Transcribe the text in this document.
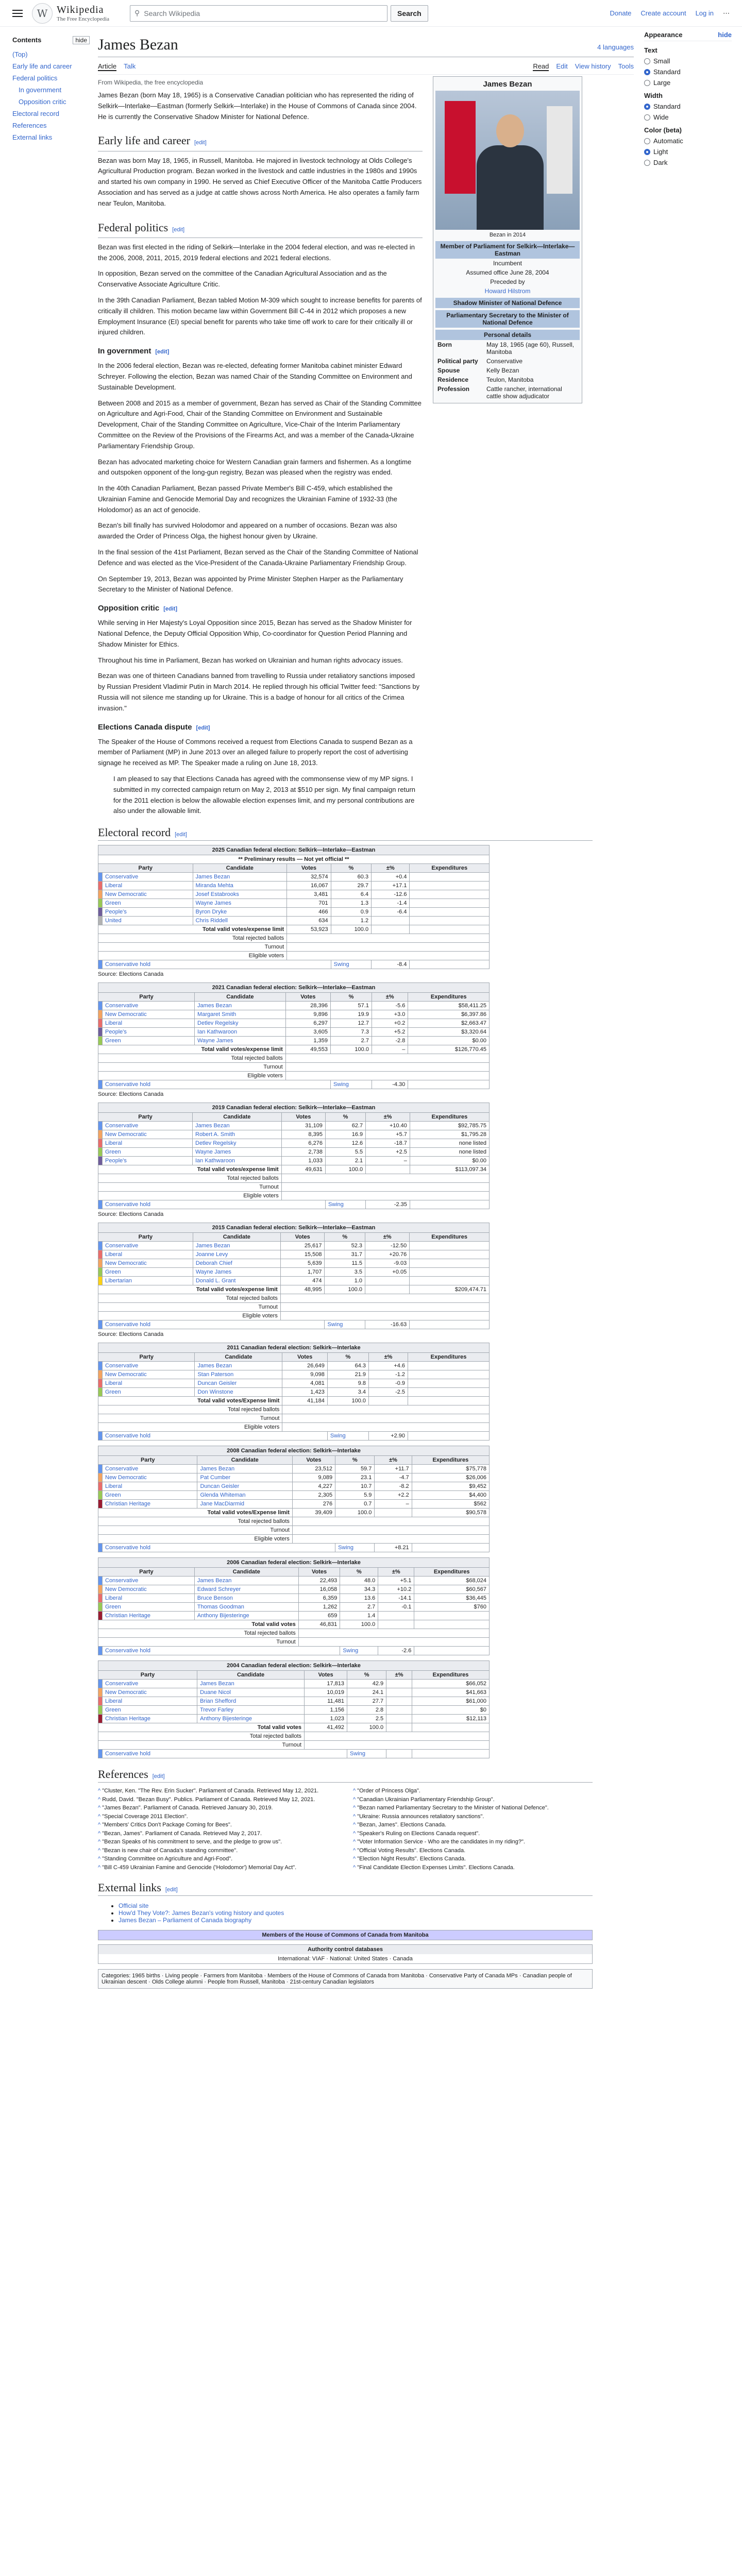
W Wikipedia
The Free Encyclopedia
⚲ Search Wikipedia	Search	Donate Create account Log in ⋯
Contents	hide
(Top)
Early life and career
Federal politics
In government
Opposition critic
Electoral record
References
External links
Appearance	hide
Text
Small
Standard
Large
Width
Standard
Wide
Color (beta)
Automatic
Light
Dark
James Bezan	4 languages
Article Talk	Read Edit View history Tools
From Wikipedia, the free encyclopedia	James Bezan
Bezan in 2014
Member of Parliament for Selkirk—Interlake—Eastman
Incumbent
Assumed office June 28, 2004
Preceded by
Howard Hilstrom
Shadow Minister of National Defence
Parliamentary Secretary to the Minister of National Defence
Personal details
Born	May 18, 1965 (age 60), Russell, Manitoba
Political party	Conservative
Spouse	Kelly Bezan
Residence	Teulon, Manitoba
Profession	Cattle rancher, international cattle show adjudicator

James Bezan (born May 18, 1965) is a Conservative Canadian politician who has represented the riding of Selkirk—Interlake—Eastman (formerly Selkirk—Interlake) in the House of Commons of Canada since 2004. He is currently the Conservative Shadow Minister for National Defence.

Early life and career [edit]

Bezan was born May 18, 1965, in Russell, Manitoba. He majored in livestock technology at Olds College's Agricultural Production program. Bezan worked in the livestock and cattle industries in the 1980s and 1990s and started his own company in 1990. He served as Chief Executive Officer of the Manitoba Cattle Producers Association and has served as a judge at cattle shows across North America. He also operates a family farm near Teulon, Manitoba.

Federal politics [edit]

Bezan was first elected in the riding of Selkirk—Interlake in the 2004 federal election, and was re-elected in the 2006, 2008, 2011, 2015, 2019 federal elections and 2021 federal elections.

In opposition, Bezan served on the committee of the Canadian Agricultural Association and as the Conservative Associate Agriculture Critic.

In the 39th Canadian Parliament, Bezan tabled Motion M-309 which sought to increase benefits for parents of critically ill children. This motion became law within Government Bill C-44 in 2012 which proposes a new Employment Insurance (EI) special benefit for parents who take time off work to care for their critically ill or injured children.

In government [edit]

In the 2006 federal election, Bezan was re-elected, defeating former Manitoba cabinet minister Edward Schreyer. Following the election, Bezan was named Chair of the Standing Committee on Environment and Sustainable Development.

Between 2008 and 2015 as a member of government, Bezan has served as Chair of the Standing Committee on Agriculture and Agri-Food, Chair of the Standing Committee on Environment and Sustainable Development, Chair of the Standing Committee on Agriculture, Vice-Chair of the Interim Parliamentary Committee on the Review of the Provisions of the Firearms Act, and was a member of the Canada-Ukraine Parliamentary Friendship Group.

Bezan has advocated marketing choice for Western Canadian grain farmers and fishermen. As a longtime and outspoken opponent of the long-gun registry, Bezan was pleased when the registry was ended.

In the 40th Canadian Parliament, Bezan passed Private Member's Bill C-459, which established the Ukrainian Famine and Genocide Memorial Day and recognizes the Ukrainian Famine of 1932-33 (the Holodomor) as an act of genocide.

Bezan's bill finally has survived Holodomor and appeared on a number of occasions. Bezan was also awarded the Order of Princess Olga, the highest honour given by Ukraine.

In the final session of the 41st Parliament, Bezan served as the Chair of the Standing Committee of National Defence and was elected as the Vice-President of the Canada-Ukraine Parliamentary Friendship Group.

On September 19, 2013, Bezan was appointed by Prime Minister Stephen Harper as the Parliamentary Secretary to the Minister of National Defence.

Opposition critic [edit]

While serving in Her Majesty's Loyal Opposition since 2015, Bezan has served as the Shadow Minister for National Defence, the Deputy Official Opposition Whip, Co-coordinator for Question Period Planning and Shadow Minister for Ethics.

Throughout his time in Parliament, Bezan has worked on Ukrainian and human rights advocacy issues.

Bezan was one of thirteen Canadians banned from travelling to Russia under retaliatory sanctions imposed by Russian President Vladimir Putin in March 2014. He replied through his official Twitter feed: "Sanctions by Russia will not silence me standing up for Ukraine. This is a badge of honour for all critics of the Crimea invasion."

Elections Canada dispute [edit]

The Speaker of the House of Commons received a request from Elections Canada to suspend Bezan as a member of Parliament (MP) in June 2013 over an alleged failure to properly report the cost of advertising signage he received as MP. The Speaker made a ruling on June 18, 2013.

I am pleased to say that Elections Canada has agreed with the commonsense view of my MP signs. I submitted in my corrected campaign return on May 2, 2013 at $510 per sign. My final campaign return for the 2011 election is below the allowable election expenses limit, and my personal contributions are also under the allowable limit.

Electoral record [edit]
2025 Canadian federal election: Selkirk—Interlake—Eastman
** Preliminary results — Not yet official **						
Party		Candidate	Votes	%	±%	Expenditures
	Conservative	James Bezan	32,574	60.3	+0.4	
	Liberal	Miranda Mehta	16,067	29.7	+17.1	
	New Democratic	Josef Estabrooks	3,481	6.4	-12.6	
	Green	Wayne James	701	1.3	-1.4	
	People's	Byron Dryke	466	0.9	-6.4	
	United	Chris Riddell	634	1.2		
Total valid votes/expense limit			53,923	100.0		
Total rejected ballots						
Turnout						
Eligible voters						
	Conservative hold			Swing	-8.4	
Source: Elections Canada
2021 Canadian federal election: Selkirk—Interlake—Eastman
Party		Candidate	Votes	%	±%	Expenditures
	Conservative	James Bezan	28,396	57.1	-5.6	$58,411.25
	New Democratic	Margaret Smith	9,896	19.9	+3.0	$6,397.86
	Liberal	Detlev Regelsky	6,297	12.7	+0.2	$2,663.47
	People's	Ian Kathwaroon	3,605	7.3	+5.2	$3,320.64
	Green	Wayne James	1,359	2.7	-2.8	$0.00
Total valid votes/expense limit			49,553	100.0	–	$126,770.45
Total rejected ballots						
Turnout						
Eligible voters						
	Conservative hold			Swing	-4.30	
Source: Elections Canada
2019 Canadian federal election: Selkirk—Interlake—Eastman
Party		Candidate	Votes	%	±%	Expenditures
	Conservative	James Bezan	31,109	62.7	+10.40	$92,785.75
	New Democratic	Robert A. Smith	8,395	16.9	+5.7	$1,795.28
	Liberal	Detlev Regelsky	6,276	12.6	-18.7	none listed
	Green	Wayne James	2,738	5.5	+2.5	none listed
	People's	Ian Kathwaroon	1,033	2.1	–	$0.00
Total valid votes/expense limit			49,631	100.0		$113,097.34
Total rejected ballots						
Turnout						
Eligible voters						
	Conservative hold			Swing	-2.35	
Source: Elections Canada
2015 Canadian federal election: Selkirk—Interlake—Eastman
Party		Candidate	Votes	%	±%	Expenditures
	Conservative	James Bezan	25,617	52.3	-12.50	
	Liberal	Joanne Levy	15,508	31.7	+20.76	
	New Democratic	Deborah Chief	5,639	11.5	-9.03	
	Green	Wayne James	1,707	3.5	+0.05	
	Libertarian	Donald L. Grant	474	1.0		
Total valid votes/expense limit			48,995	100.0		$209,474.71
Total rejected ballots						
Turnout						
Eligible voters						
	Conservative hold			Swing	-16.63	
Source: Elections Canada
2011 Canadian federal election: Selkirk—Interlake
Party		Candidate	Votes	%	±%	Expenditures
	Conservative	James Bezan	26,649	64.3	+4.6	
	New Democratic	Stan Paterson	9,098	21.9	-1.2	
	Liberal	Duncan Geisler	4,081	9.8	-0.9	
	Green	Don Winstone	1,423	3.4	-2.5	
Total valid votes/Expense limit			41,184	100.0		
Total rejected ballots						
Turnout						
Eligible voters						
	Conservative hold			Swing	+2.90	
2008 Canadian federal election: Selkirk—Interlake
Party		Candidate	Votes	%	±%	Expenditures
	Conservative	James Bezan	23,512	59.7	+11.7	$75,778
	New Democratic	Pat Cumber	9,089	23.1	-4.7	$26,006
	Liberal	Duncan Geisler	4,227	10.7	-8.2	$9,452
	Green	Glenda Whiteman	2,305	5.9	+2.2	$4,400
	Christian Heritage	Jane MacDiarmid	276	0.7	–	$562
Total valid votes/Expense limit			39,409	100.0		$90,578
Total rejected ballots						
Turnout						
Eligible voters						
	Conservative hold			Swing	+8.21	
2006 Canadian federal election: Selkirk—Interlake
Party		Candidate	Votes	%	±%	Expenditures
	Conservative	James Bezan	22,493	48.0	+5.1	$68,024
	New Democratic	Edward Schreyer	16,058	34.3	+10.2	$60,567
	Liberal	Bruce Benson	6,359	13.6	-14.1	$36,445
	Green	Thomas Goodman	1,262	2.7	-0.1	$760
	Christian Heritage	Anthony Bijesteringe	659	1.4		
Total valid votes			46,831	100.0		
Total rejected ballots						
Turnout						
	Conservative hold			Swing	-2.6	
2004 Canadian federal election: Selkirk—Interlake
Party		Candidate	Votes	%	±%	Expenditures
	Conservative	James Bezan	17,813	42.9		$66,052
	New Democratic	Duane Nicol	10,019	24.1		$41,663
	Liberal	Brian Shefford	11,481	27.7		$61,000
	Green	Trevor Farley	1,156	2.8		$0
	Christian Heritage	Anthony Bijesteringe	1,023	2.5		$12,113
Total valid votes			41,492	100.0		
Total rejected ballots						
Turnout						
	Conservative hold			Swing		
References [edit]
^ "Cluster, Ken. "The Rev. Erin Sucker". Parliament of Canada. Retrieved May 12, 2021.
^ Rudd, David. "Bezan Busy". Publics. Parliament of Canada. Retrieved May 12, 2021.
^ "James Bezan". Parliament of Canada. Retrieved January 30, 2019.
^ "Special Coverage 2011 Election".
^ "Members' Critics Don't Package Coming for Bees".
^ "Bezan, James". Parliament of Canada. Retrieved May 2, 2017.
^ "Bezan Speaks of his commitment to serve, and the pledge to grow us".
^ "Bezan is new chair of Canada's standing committee".
^ "Standing Committee on Agriculture and Agri-Food".
^ "Bill C-459 Ukrainian Famine and Genocide ('Holodomor') Memorial Day Act".
^ "Order of Princess Olga".
^ "Canadian Ukrainian Parliamentary Friendship Group".
^ "Bezan named Parliamentary Secretary to the Minister of National Defence".
^ "Ukraine: Russia announces retaliatory sanctions".
^ "Bezan, James". Elections Canada.
^ "Speaker's Ruling on Elections Canada request".
^ "Voter Information Service - Who are the candidates in my riding?".
^ "Official Voting Results". Elections Canada.
^ "Election Night Results". Elections Canada.
^ "Final Candidate Election Expenses Limits". Elections Canada.
External links [edit]
• Official site
• How'd They Vote?: James Bezan's voting history and quotes
• James Bezan – Parliament of Canada biography
Members of the House of Commons of Canada from Manitoba
Authority control databases
International: VIAF · National: United States · Canada
Categories: 1965 births · Living people · Farmers from Manitoba · Members of the House of Commons of Canada from Manitoba · Conservative Party of Canada MPs · Canadian people of Ukrainian descent · Olds College alumni · People from Russell, Manitoba · 21st-century Canadian legislators
